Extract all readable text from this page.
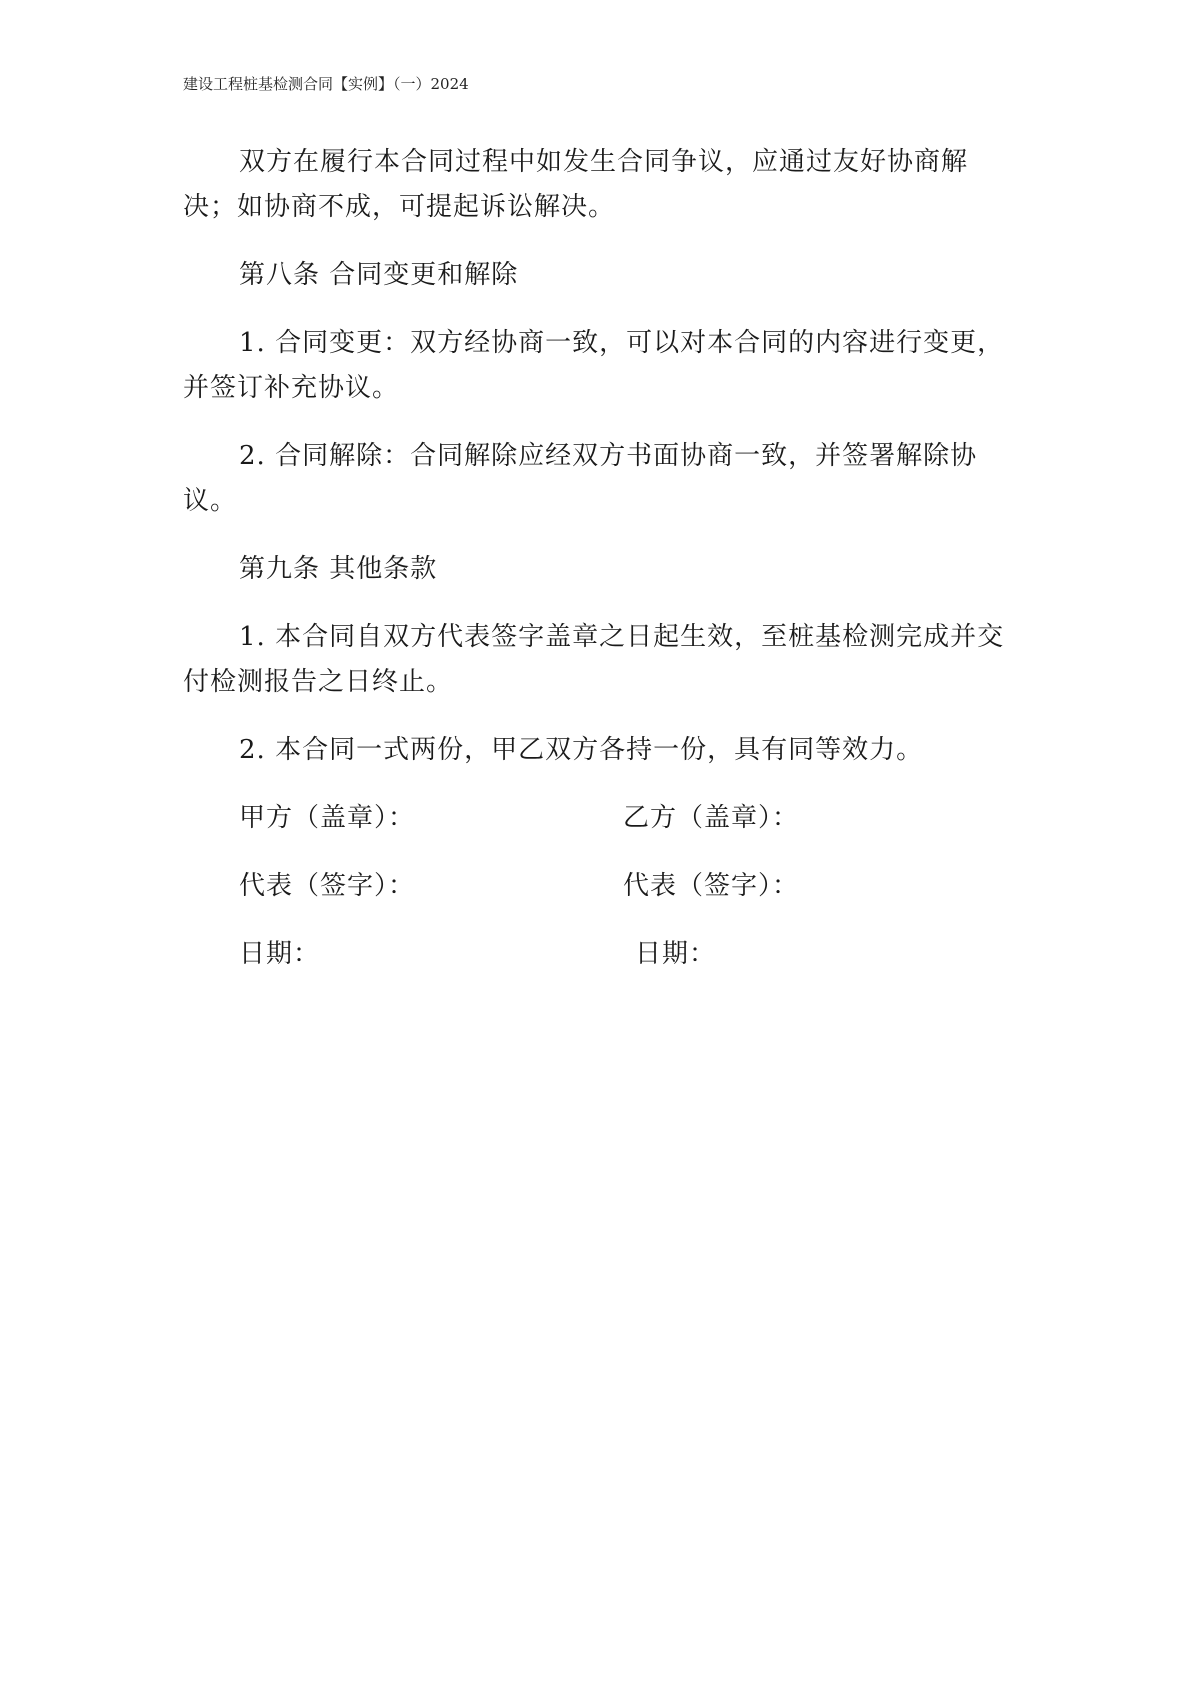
建设工程桩基检测合同【实例】（一）2024

双方在履行本合同过程中如发生合同争议，应通过友好协商解决；如协商不成，可提起诉讼解决。

第八条 合同变更和解除

1. 合同变更：双方经协商一致，可以对本合同的内容进行变更，并签订补充协议。

2. 合同解除：合同解除应经双方书面协商一致，并签署解除协议。

第九条 其他条款

1. 本合同自双方代表签字盖章之日起生效，至桩基检测完成并交付检测报告之日终止。

2. 本合同一式两份，甲乙双方各持一份，具有同等效力。

甲方（盖章）：	乙方（盖章）：
代表（签字）：	代表（签字）：
日期：	日期：
